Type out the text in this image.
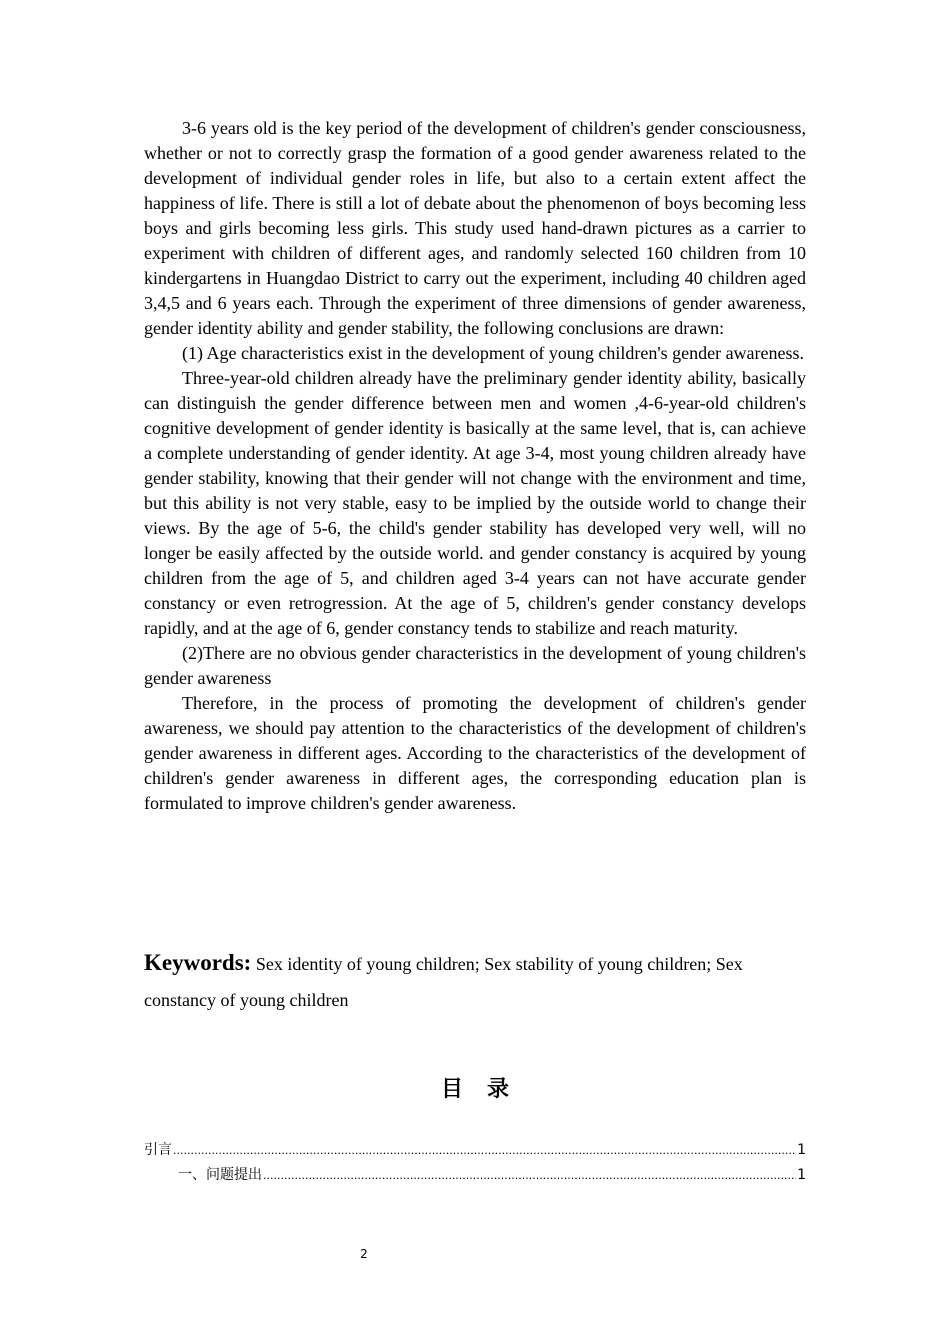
3-6 years old is the key period of the development of children's gender consciousness, whether or not to correctly grasp the formation of a good gender awareness related to the development of individual gender roles in life, but also to a certain extent affect the happiness of life. There is still a lot of debate about the phenomenon of boys becoming less boys and girls becoming less girls. This study used hand-drawn pictures as a carrier to experiment with children of different ages, and randomly selected 160 children from 10 kindergartens in Huangdao District to carry out the experiment, including 40 children aged 3,4,5 and 6 years each. Through the experiment of three dimensions of gender awareness, gender identity ability and gender stability, the following conclusions are drawn:

(1) Age characteristics exist in the development of young children's gender awareness.

Three-year-old children already have the preliminary gender identity ability, basically can distinguish the gender difference between men and women ,4-6-year-old children's cognitive development of gender identity is basically at the same level, that is, can achieve a complete understanding of gender identity. At age 3-4, most young children already have gender stability, knowing that their gender will not change with the environment and time, but this ability is not very stable, easy to be implied by the outside world to change their views. By the age of 5-6, the child's gender stability has developed very well, will no longer be easily affected by the outside world. and gender constancy is acquired by young children from the age of 5, and children aged 3-4 years can not have accurate gender constancy or even retrogression. At the age of 5, children's gender constancy develops rapidly, and at the age of 6, gender constancy tends to stabilize and reach maturity.

(2)There are no obvious gender characteristics in the development of young children's gender awareness

Therefore, in the process of promoting the development of children's gender awareness, we should pay attention to the characteristics of the development of children's gender awareness in different ages. According to the characteristics of the development of children's gender awareness in different ages, the corresponding education plan is formulated to improve children's gender awareness.

Keywords: Sex identity of young children; Sex stability of young children; Sex constancy of young children
目 录
引言 .....	1
一、问题提出 .....	1
2
